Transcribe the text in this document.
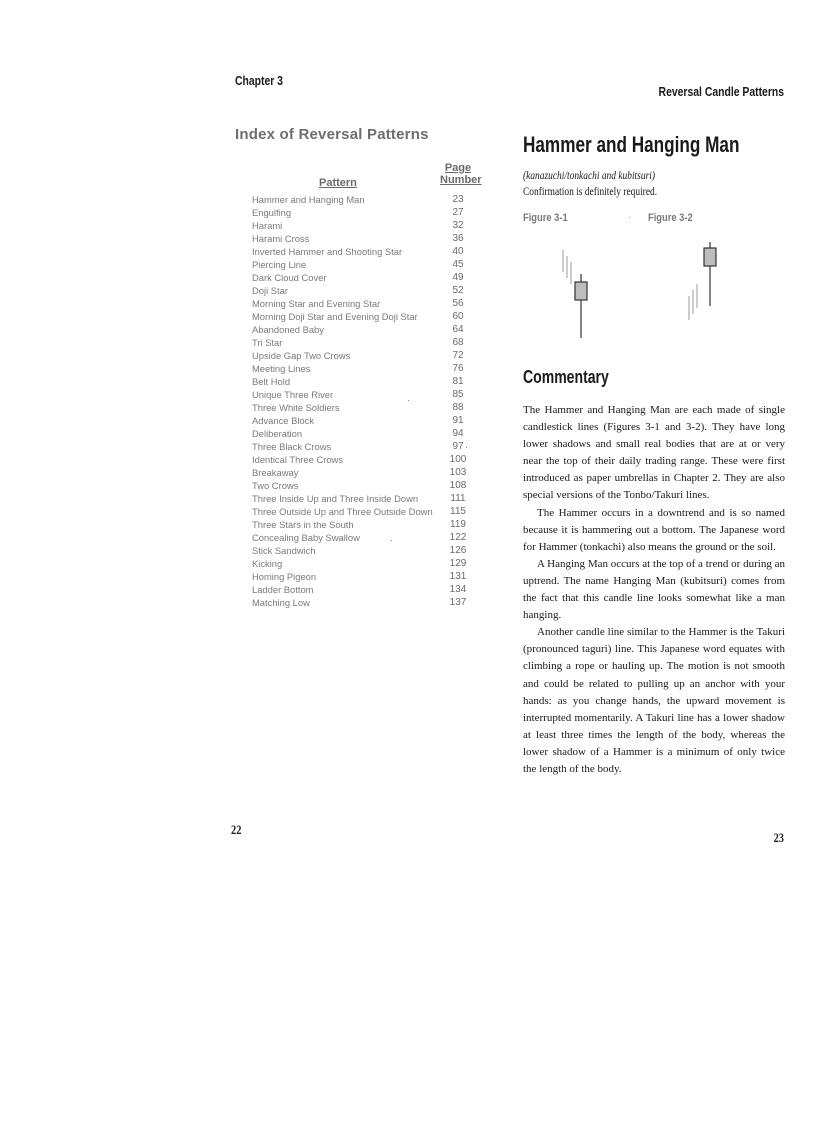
Chapter 3
Index of Reversal Patterns
Page
Number
Pattern
Hammer and Hanging Man	23
Engulfing	27
Harami	32
Harami Cross	36
Inverted Hammer and Shooting Star	40
Piercing Line	45
Dark Cloud Cover	49
Doji Star	52
Morning Star and Evening Star	56
Morning Doji Star and Evening Doji Star	60
Abandoned Baby	64
Tri Star	68
Upside Gap Two Crows	72
Meeting Lines	76
Belt Hold	81
Unique Three River	85
Three White Soldiers	88
Advance Block	91
Deliberation	94
Three Black Crows	97
Identical Three Crows	100
Breakaway	103
Two Crows	108
Three Inside Up and Three Inside Down	111
Three Outside Up and Three Outside Down 115
Three Stars in the South	119
Concealing Baby Swallow	122
Stick Sandwich	126
Kicking	129
Homing Pigeon	131
Ladder Bottom	134
Matching Low	137
22
Reversal Candle Patterns
Hammer and Hanging Man
(kanazuchi/tonkachi and kubitsuri)
Confirmation is definitely required.
Figure 3-1	· Figure 3-2
Commentary

The Hammer and Hanging Man are each made of single candlestick lines (Figures 3-1 and 3-2). They have long lower shadows and small real bodies that are at or very near the top of their daily trading range. These were first introduced as paper umbrellas in Chapter 2. They are also special versions of the Tonbo/Takuri lines.

The Hammer occurs in a downtrend and is so named because it is hammering out a bottom. The Japanese word for Hammer (tonkachi) also means the ground or the soil.

A Hanging Man occurs at the top of a trend or during an uptrend. The name Hanging Man (kubitsuri) comes from the fact that this candle line looks somewhat like a man hanging.

Another candle line similar to the Hammer is the Takuri (pronounced taguri) line. This Japanese word equates with climbing a rope or hauling up. The motion is not smooth and could be related to pulling up an anchor with your hands: as you change hands, the upward movement is interrupted momentarily. A Takuri line has a lower shadow at least three times the length of the body, whereas the lower shadow of a Hammer is a minimum of only twice the length of the body.

23
